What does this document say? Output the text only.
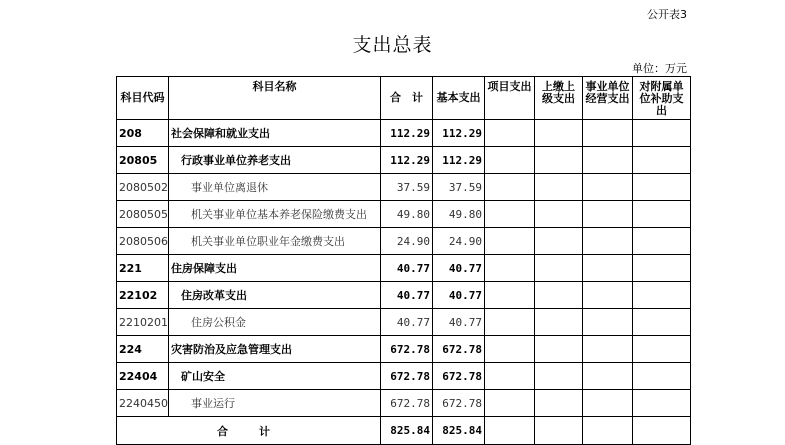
公开表3
支出总表
单位：万元
科目代码	科目名称	合　计	基本支出	项目支出	上缴上级支出	事业单位经营支出	对附属单位补助支出
208	社会保障和就业支出	112.29	112.29				
20805	行政事业单位养老支出	112.29	112.29				
2080502	事业单位离退休	37.59	37.59				
2080505	机关事业单位基本养老保险缴费支出	49.80	49.80				
2080506	机关事业单位职业年金缴费支出	24.90	24.90				
221	住房保障支出	40.77	40.77				
22102	住房改革支出	40.77	40.77				
2210201	住房公积金	40.77	40.77				
224	灾害防治及应急管理支出	672.78	672.78				
22404	矿山安全	672.78	672.78				
2240450	事业运行	672.78	672.78				
合　计		825.84	825.84				
